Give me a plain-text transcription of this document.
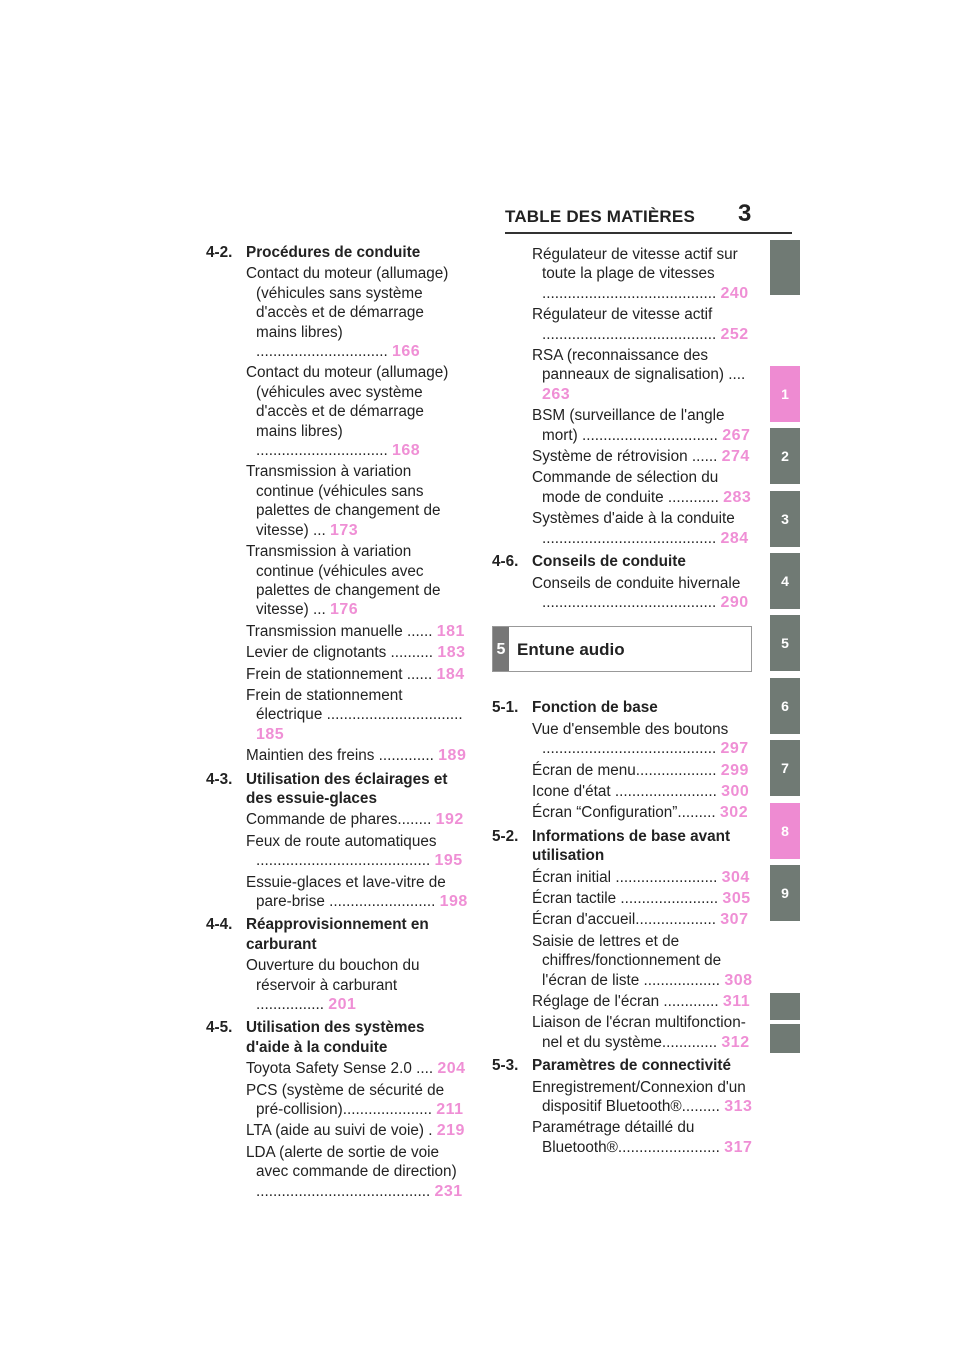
TABLE DES MATIÈRES 3
4-2. Procédures de conduite
Contact du moteur (allumage) (véhicules sans système d'accès et de démarrage mains libres) ............................... 166
Contact du moteur (allumage) (véhicules avec système d'accès et de démarrage mains libres) ............................... 168
Transmission à variation continue (véhicules sans palettes de changement de vitesse) ... 173
Transmission à variation continue (véhicules avec palettes de changement de vitesse) ... 176
Transmission manuelle ...... 181
Levier de clignotants .......... 183
Frein de stationnement ...... 184
Frein de stationnement électrique ................................ 185
Maintien des freins ............. 189
4-3. Utilisation des éclairages et des essuie-glaces
Commande de phares........ 192
Feux de route automatiques ......................................... 195
Essuie-glaces et lave-vitre de pare-brise ......................... 198
4-4. Réapprovisionnement en carburant
Ouverture du bouchon du réservoir à carburant ................ 201
4-5. Utilisation des systèmes d'aide à la conduite
Toyota Safety Sense 2.0 .... 204
PCS (système de sécurité de pré-collision)..................... 211
LTA (aide au suivi de voie) . 219
LDA (alerte de sortie de voie avec commande de direction) ......................................... 231
Régulateur de vitesse actif sur toute la plage de vitesses ......................................... 240
Régulateur de vitesse actif ......................................... 252
RSA (reconnaissance des panneaux de signalisation) .... 263
BSM (surveillance de l'angle mort) ................................ 267
Système de rétrovision ...... 274
Commande de sélection du mode de conduite ............ 283
Systèmes d'aide à la conduite ......................................... 284
4-6. Conseils de conduite
Conseils de conduite hivernale ......................................... 290
5 Entune audio
5-1. Fonction de base
Vue d'ensemble des boutons ......................................... 297
Écran de menu................... 299
Icone d'état ........................ 300
Écran “Configuration”......... 302
5-2. Informations de base avant utilisation
Écran initial ........................ 304
Écran tactile ....................... 305
Écran d'accueil................... 307
Saisie de lettres et de chiffres/fonctionnement de l'écran de liste .................. 308
Réglage de l'écran ............. 311
Liaison de l'écran multifonctionnel et du système............. 312
5-3. Paramètres de connectivité
Enregistrement/Connexion d'un dispositif Bluetooth®......... 313
Paramétrage détaillé du Bluetooth®........................ 317
1
2
3
4
5
6
7
8
9
